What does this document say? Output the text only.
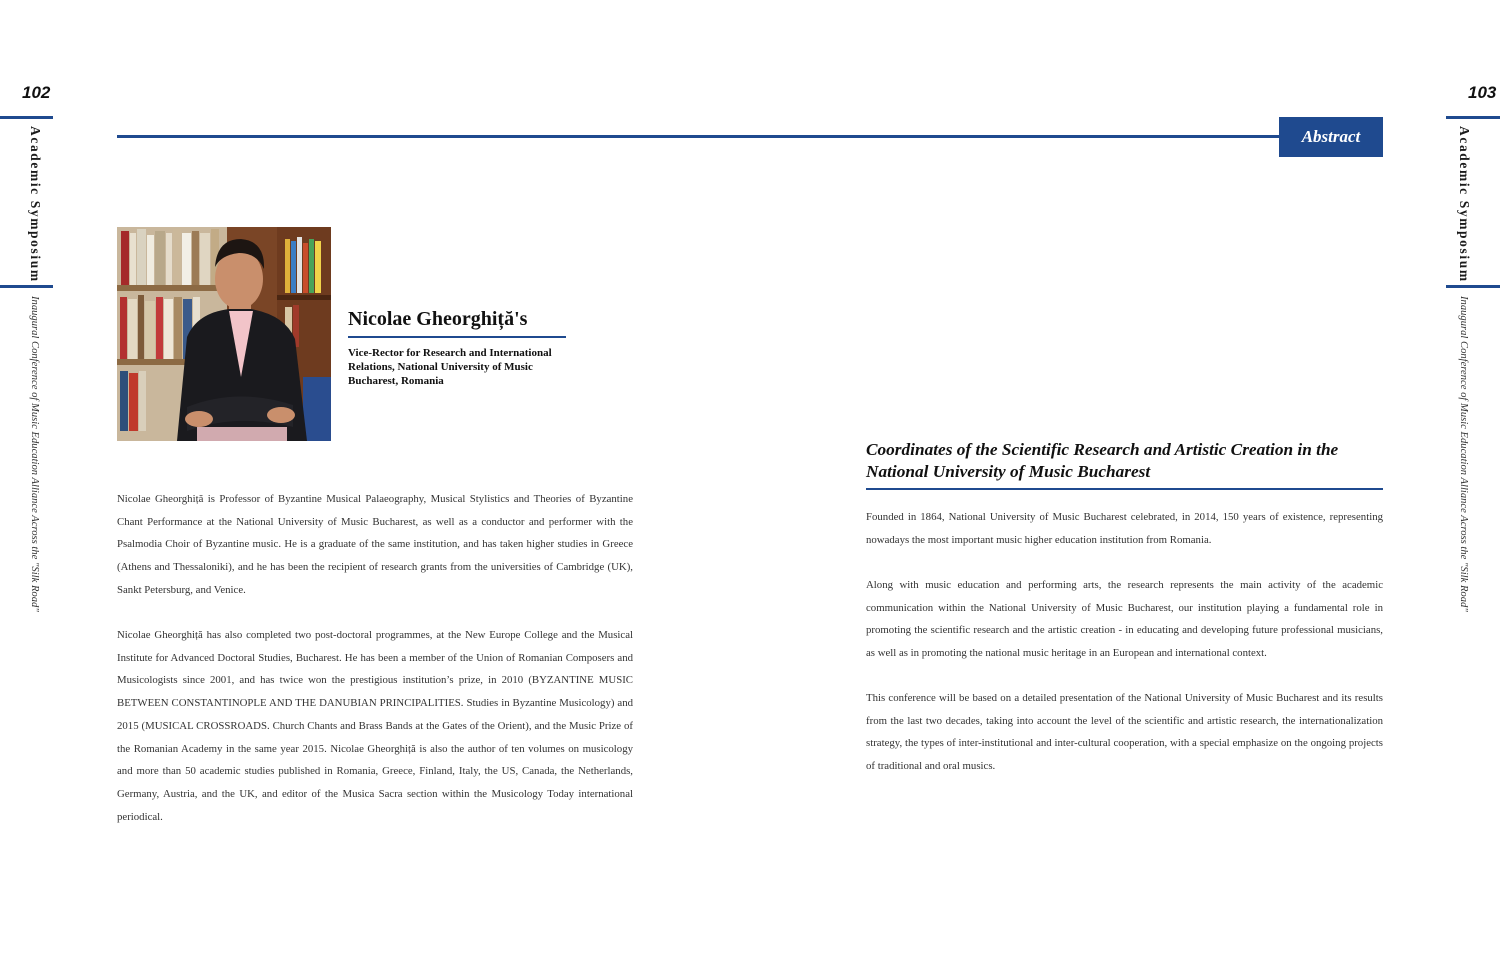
102
Academic Symposium
Inaugural Conference of Music Education Alliance Across the "Silk Road"
103
Academic Symposium
Inaugural Conference of Music Education Alliance Across the "Silk Road"
Abstract
Nicolae Gheorghiță's
Vice-Rector for Research and International Relations, National University of Music Bucharest, Romania
Nicolae Gheorghiță is Professor of Byzantine Musical Palaeography, Musical Stylistics and Theories of Byzantine Chant Performance at the National University of Music Bucharest, as well as a conductor and performer with the Psalmodia Choir of Byzantine music. He is a graduate of the same institution, and has taken higher studies in Greece (Athens and Thessaloniki), and he has been the recipient of research grants from the universities of Cambridge (UK), Sankt Petersburg, and Venice.
Nicolae Gheorghiță has also completed two post-doctoral programmes, at the New Europe College and the Musical Institute for Advanced Doctoral Studies, Bucharest. He has been a member of the Union of Romanian Composers and Musicologists since 2001, and has twice won the prestigious institution’s prize, in 2010 (BYZANTINE MUSIC BETWEEN CONSTANTINOPLE AND THE DANUBIAN PRINCIPALITIES. Studies in Byzantine Musicology) and 2015 (MUSICAL CROSSROADS. Church Chants and Brass Bands at the Gates of the Orient), and the Music Prize of the Romanian Academy in the same year 2015. Nicolae Gheorghiță is also the author of ten volumes on musicology and more than 50 academic studies published in Romania, Greece, Finland, Italy, the US, Canada, the Netherlands, Germany, Austria, and the UK, and editor of the Musica Sacra section within the Musicology Today international periodical.
Coordinates of the Scientific Research and Artistic Creation in the National University of Music Bucharest
Founded in 1864, National University of Music Bucharest celebrated, in 2014, 150 years of existence, representing nowadays the most important music higher education institution from Romania.
Along with music education and performing arts, the research represents the main activity of the academic communication within the National University of Music Bucharest, our institution playing a fundamental role in promoting the scientific research and the artistic creation - in educating and developing future professional musicians, as well as in promoting the national music heritage in an European and international context.
This conference will be based on a detailed presentation of the National University of Music Bucharest and its results from the last two decades, taking into account the level of the scientific and artistic research, the internationalization strategy, the types of inter-institutional and inter-cultural cooperation, with a special emphasize on the ongoing projects of traditional and oral musics.
